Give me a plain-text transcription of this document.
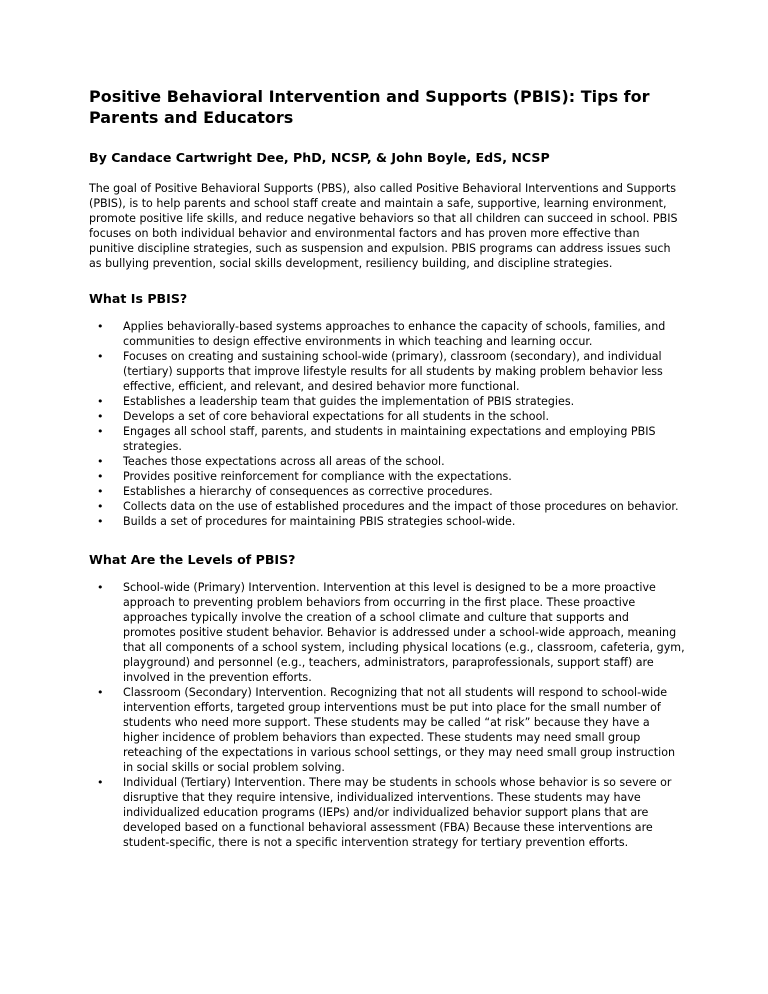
Positive Behavioral Intervention and Supports (PBIS): Tips for Parents and Educators

By Candace Cartwright Dee, PhD, NCSP, & John Boyle, EdS, NCSP

The goal of Positive Behavioral Supports (PBS), also called Positive Behavioral Interventions and Supports (PBIS), is to help parents and school staff create and maintain a safe, supportive, learning environment, promote positive life skills, and reduce negative behaviors so that all children can succeed in school. PBIS focuses on both individual behavior and environmental factors and has proven more effective than punitive discipline strategies, such as suspension and expulsion. PBIS programs can address issues such as bullying prevention, social skills development, resiliency building, and discipline strategies.

What Is PBIS?
• Applies behaviorally-based systems approaches to enhance the capacity of schools, families, and communities to design effective environments in which teaching and learning occur.
• Focuses on creating and sustaining school-wide (primary), classroom (secondary), and individual (tertiary) supports that improve lifestyle results for all students by making problem behavior less effective, efficient, and relevant, and desired behavior more functional.
• Establishes a leadership team that guides the implementation of PBIS strategies.
• Develops a set of core behavioral expectations for all students in the school.
• Engages all school staff, parents, and students in maintaining expectations and employing PBIS strategies.
• Teaches those expectations across all areas of the school.
• Provides positive reinforcement for compliance with the expectations.
• Establishes a hierarchy of consequences as corrective procedures.
• Collects data on the use of established procedures and the impact of those procedures on behavior.
• Builds a set of procedures for maintaining PBIS strategies school-wide.
What Are the Levels of PBIS?
• School-wide (Primary) Intervention. Intervention at this level is designed to be a more proactive approach to preventing problem behaviors from occurring in the first place. These proactive approaches typically involve the creation of a school climate and culture that supports and promotes positive student behavior. Behavior is addressed under a school-wide approach, meaning that all components of a school system, including physical locations (e.g., classroom, cafeteria, gym, playground) and personnel (e.g., teachers, administrators, paraprofessionals, support staff) are involved in the prevention efforts.
• Classroom (Secondary) Intervention. Recognizing that not all students will respond to school-wide intervention efforts, targeted group interventions must be put into place for the small number of students who need more support. These students may be called “at risk” because they have a higher incidence of problem behaviors than expected. These students may need small group reteaching of the expectations in various school settings, or they may need small group instruction in social skills or social problem solving.
• Individual (Tertiary) Intervention. There may be students in schools whose behavior is so severe or disruptive that they require intensive, individualized interventions. These students may have individualized education programs (IEPs) and/or individualized behavior support plans that are developed based on a functional behavioral assessment (FBA) Because these interventions are student-specific, there is not a specific intervention strategy for tertiary prevention efforts.
